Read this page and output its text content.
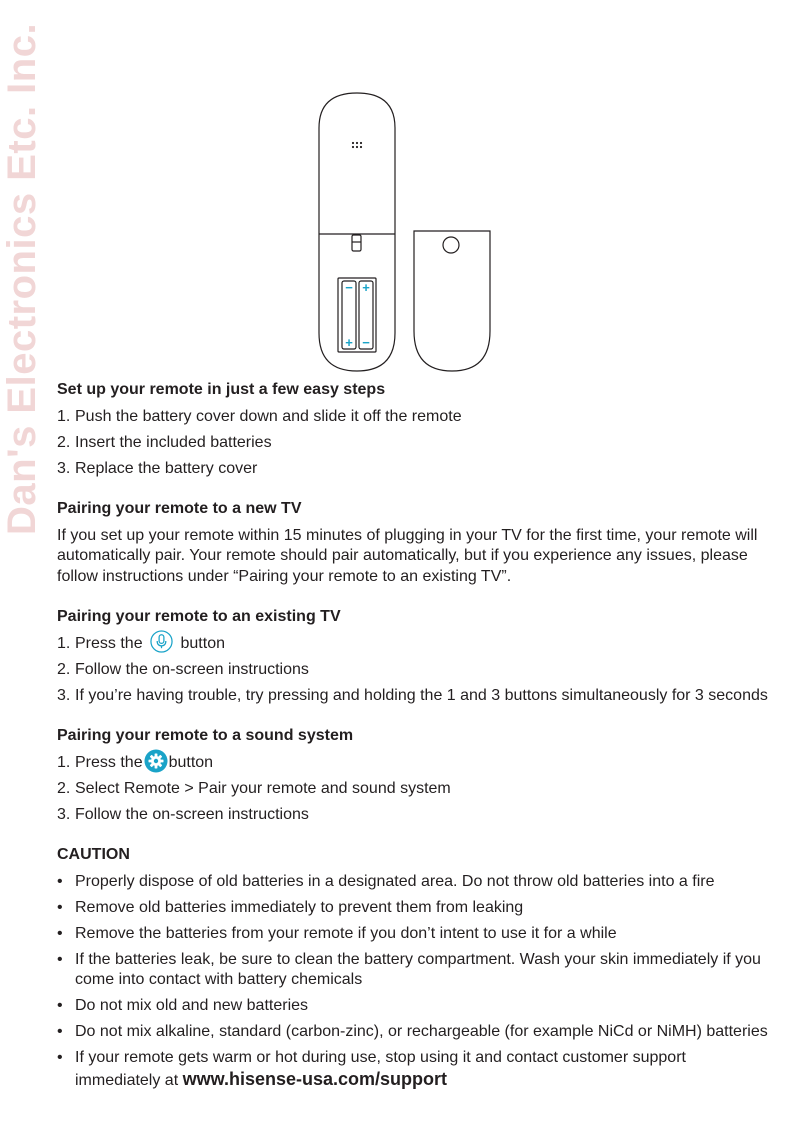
Dan's Electronics Etc. Inc.	− +
+ −
Set up your remote in just a few easy steps
1. Push the battery cover down and slide it off the remote
2. Insert the included batteries
3. Replace the battery cover
Pairing your remote to a new TV

If you set up your remote within 15 minutes of plugging in your TV for the first time, your remote will automatically pair. Your remote should pair automatically, but if you experience any issues, please follow instructions under “Pairing your remote to an existing TV”.

Pairing your remote to an existing TV
1. Press the button
2. Follow the on-screen instructions
3. If you’re having trouble, try pressing and holding the 1 and 3 buttons simultaneously for 3 seconds
Pairing your remote to a sound system
1. Press the button
2. Select Remote > Pair your remote and sound system
3. Follow the on-screen instructions
CAUTION
• Properly dispose of old batteries in a designated area. Do not throw old batteries into a fire
• Remove old batteries immediately to prevent them from leaking
• Remove the batteries from your remote if you don’t intent to use it for a while
• If the batteries leak, be sure to clean the battery compartment. Wash your skin immediately if you come into contact with battery chemicals
• Do not mix old and new batteries
• Do not mix alkaline, standard (carbon-zinc), or rechargeable (for example NiCd or NiMH) batteries
• If your remote gets warm or hot during use, stop using it and contact customer support immediately at www.hisense-usa.com/support
